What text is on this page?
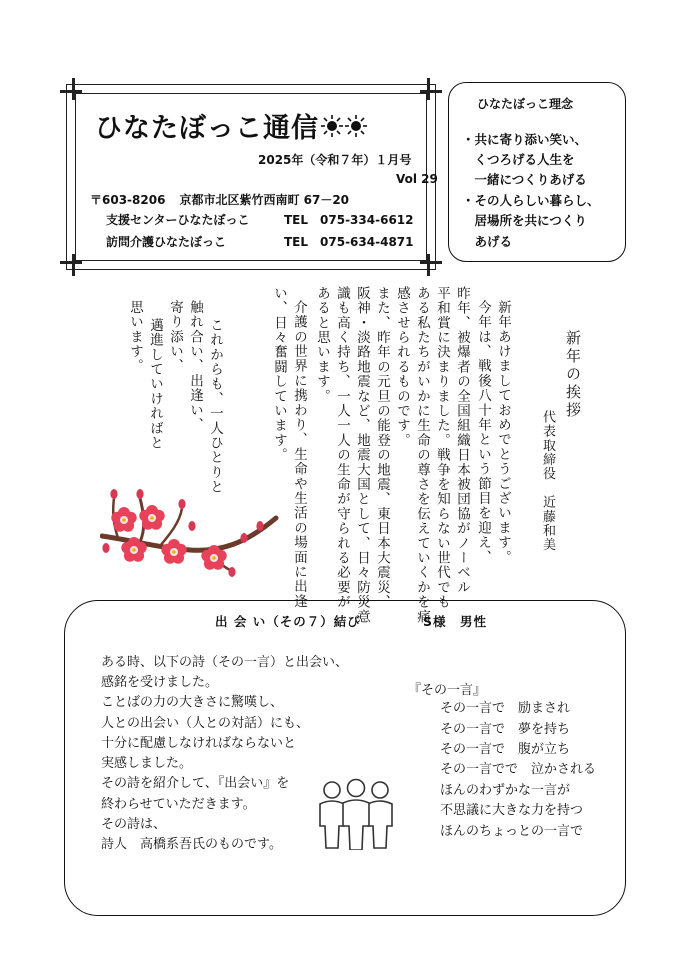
ひなたぼっこ通信
2025年（令和７年）１月号
Vol 29
〒603-8206 京都市北区紫竹西南町 67－20
支援センターひなたぼっこ	TEL　075-334-6612
訪問介護ひなたぼっこ	TEL　075-634-4871
ひなたぼっこ理念
・共に寄り添い笑い、
　くつろげる人生を
　一緒につくりあげる
・その人らしい暮らし、
　居場所を共につくり
　あげる
新年の挨拶
代表取締役　近藤和美
新年あけましておめでとうございます。
今年は、戦後八十年という節目を迎え、
昨年、被爆者の全国組織日本被団協がノーベル
平和賞に決まりました。戦争を知らない世代でも
ある私たちがいかに生命の尊さを伝えていくかを痛
感させられるものです。
また、昨年の元旦の能登の地震、東日本大震災、
阪神・淡路地震など、地震大国として、日々防災意
識も高く持ち、一人一人の生命が守られる必要が
あると思います。
介護の世界に携わり、生命や生活の場面に出逢
い、日々奮闘しています。
これからも、一人ひとりと
触れ合い、出逢い、
寄り添い、
邁進していければと
思います。
出 会 い（その７）結び	S様　男性
ある時、以下の詩（その一言）と出会い、
感銘を受けました。
ことばの力の大きさに驚嘆し、
人との出会い（人との対話）にも、
十分に配慮しなければならないと
実感しました。
その詩を紹介して、『出会い』を
終わらせていただきます。
その詩は、
詩人　高橋系吾氏のものです。
『その一言』
その一言で　励まされ
その一言で　夢を持ち
その一言で　腹が立ち
その一言でで　泣かされる
ほんのわずかな一言が
不思議に大きな力を持つ
ほんのちょっとの一言で
